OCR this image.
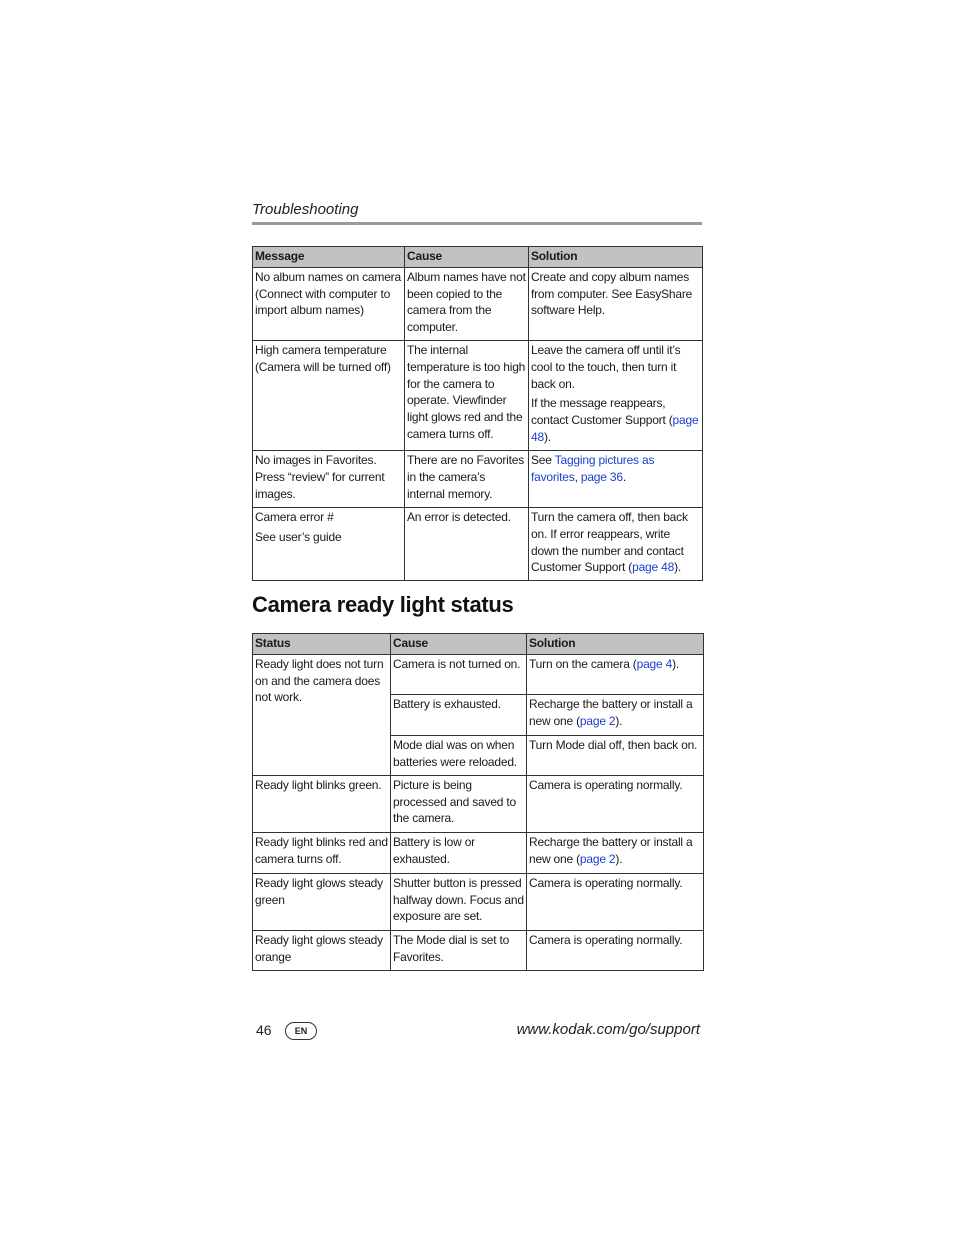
Troubleshooting
Message	Cause	Solution
No album names on camera (Connect with computer to import album names)	Album names have not been copied to the camera from the computer.	Create and copy album names from computer. See EasyShare software Help.
High camera temperature (Camera will be turned off)	The internal temperature is too high for the camera to operate. Viewfinder light glows red and the camera turns off.	Leave the camera off until it’s cool to the touch, then turn it back on.
If the message reappears, contact Customer Support (page 48).

No images in Favorites. Press “review” for current images.	There are no Favorites in the camera’s internal memory.	See Tagging pictures as favorites, page 36.
Camera error #
See user’s guide	An error is detected.	Turn the camera off, then back on. If error reappears, write down the number and contact Customer Support (page 48).
Camera ready light status
Status	Cause	Solution
Ready light does not turn on and the camera does not work.	Camera is not turned on.	Turn on the camera (page 4).
	Battery is exhausted.	Recharge the battery or install a new one (page 2).
	Mode dial was on when batteries were reloaded.	Turn Mode dial off, then back on.
Ready light blinks green.	Picture is being processed and saved to the camera.	Camera is operating normally.
Ready light blinks red and camera turns off.	Battery is low or exhausted.	Recharge the battery or install a new one (page 2).
Ready light glows steady green	Shutter button is pressed halfway down. Focus and exposure are set.	Camera is operating normally.
Ready light glows steady orange	The Mode dial is set to Favorites.	Camera is operating normally.
46	EN	www.kodak.com/go/support
